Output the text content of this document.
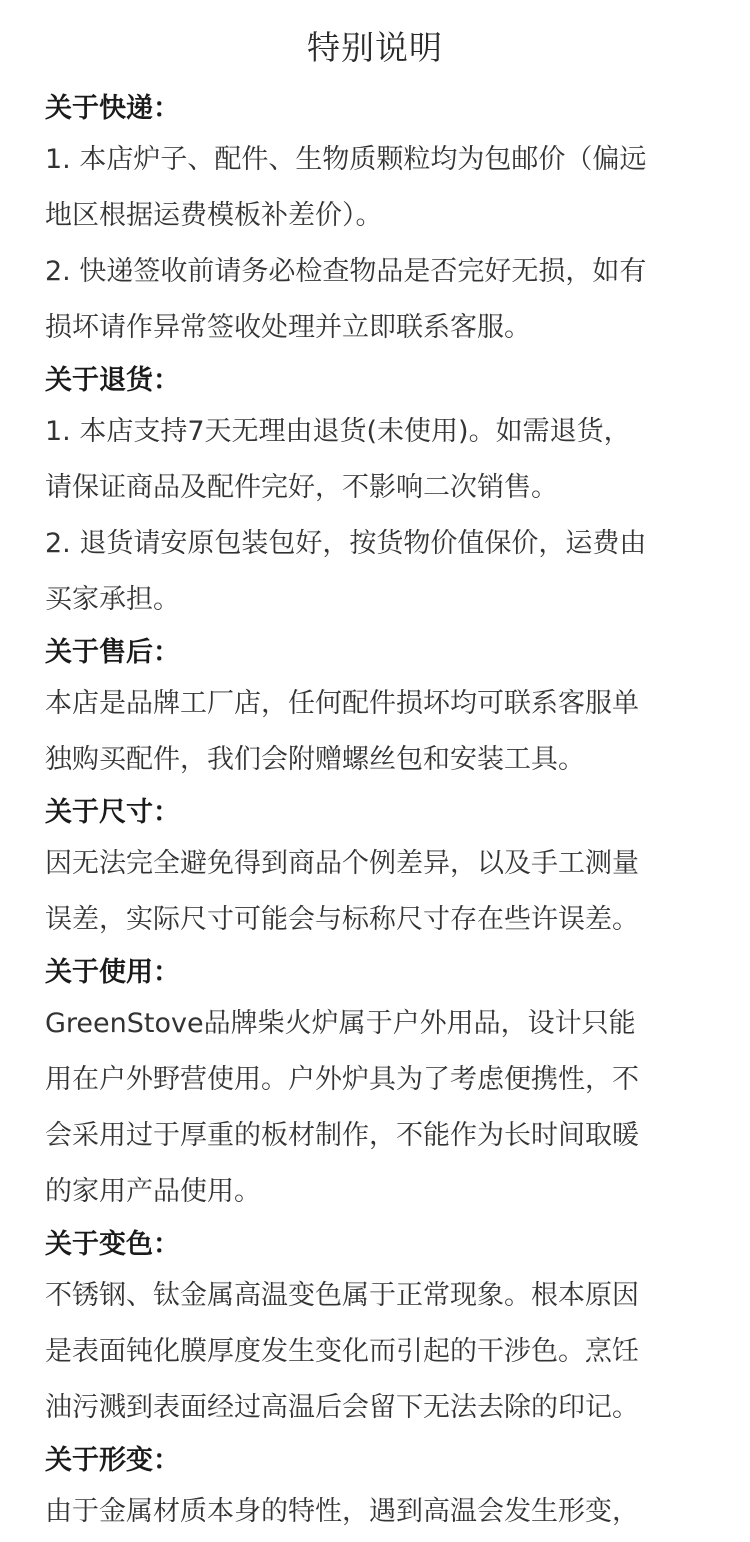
特别说明
关于快递：
1. 本店炉子、配件、生物质颗粒均为包邮价（偏远
地区根据运费模板补差价）。
2. 快递签收前请务必检查物品是否完好无损，如有
损坏请作异常签收处理并立即联系客服。
关于退货：
1. 本店支持7天无理由退货(未使用)。如需退货，
请保证商品及配件完好，不影响二次销售。
2. 退货请安原包装包好，按货物价值保价，运费由
买家承担。
关于售后：
本店是品牌工厂店，任何配件损坏均可联系客服单
独购买配件，我们会附赠螺丝包和安装工具。
关于尺寸：
因无法完全避免得到商品个例差异，以及手工测量
误差，实际尺寸可能会与标称尺寸存在些许误差。
关于使用：
GreenStove品牌柴火炉属于户外用品，设计只能
用在户外野营使用。户外炉具为了考虑便携性，不
会采用过于厚重的板材制作，不能作为长时间取暖
的家用产品使用。
关于变色：
不锈钢、钛金属高温变色属于正常现象。根本原因
是表面钝化膜厚度发生变化而引起的干涉色。烹饪
油污溅到表面经过高温后会留下无法去除的印记。
关于形变：
由于金属材质本身的特性，遇到高温会发生形变，
